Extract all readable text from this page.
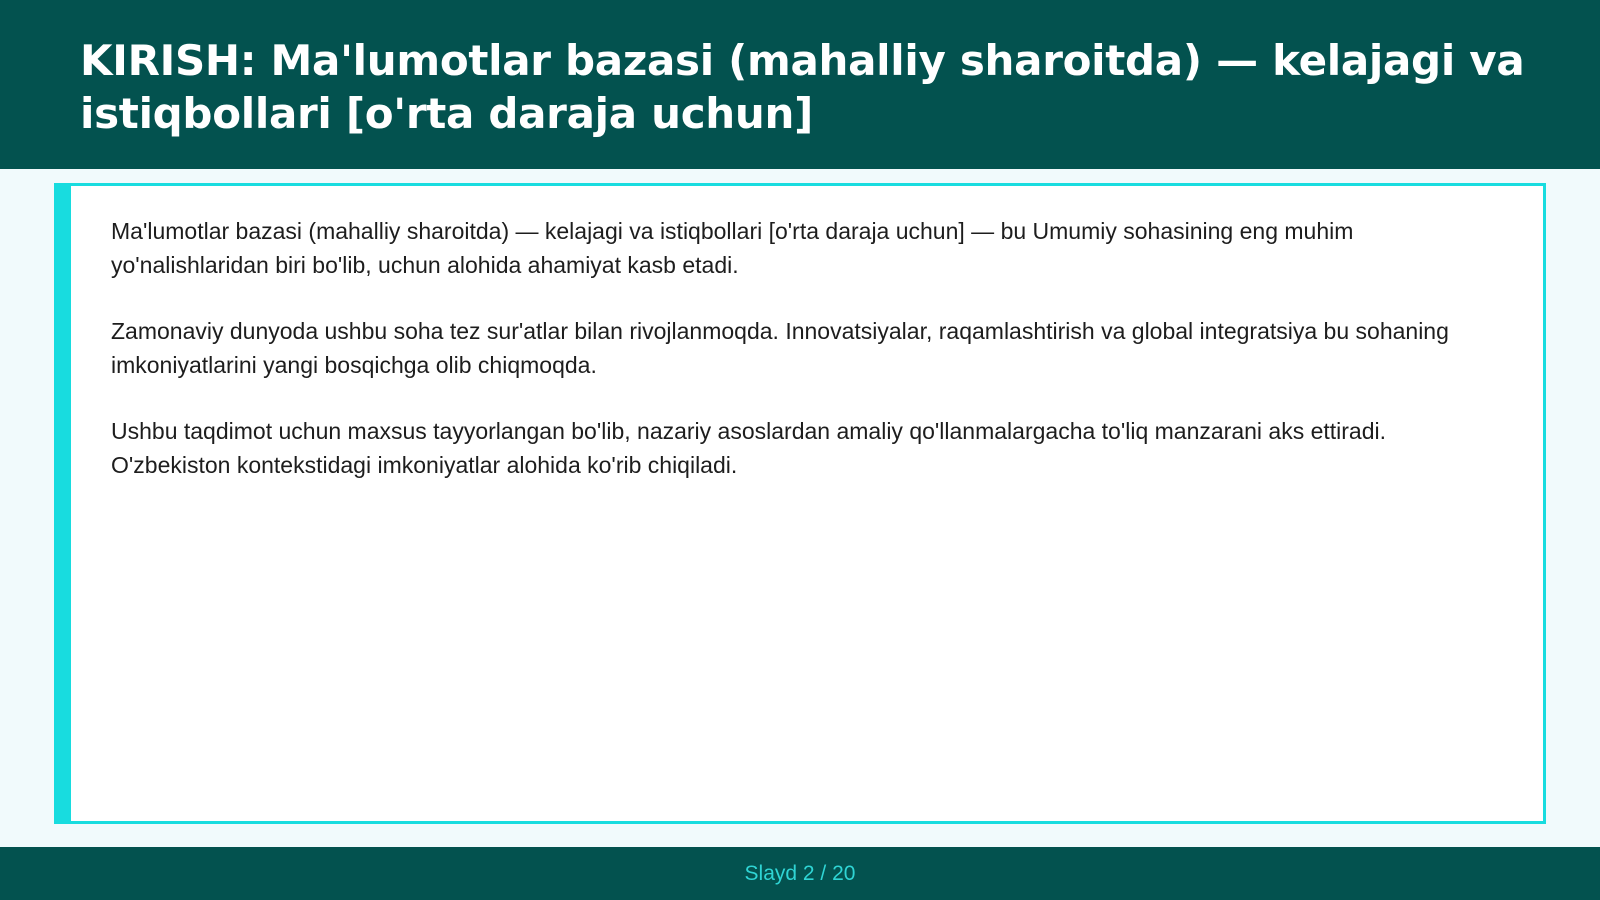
KIRISH: Ma'lumotlar bazasi (mahalliy sharoitda) — kelajagi va istiqbollari [o'rta daraja uchun]

Ma'lumotlar bazasi (mahalliy sharoitda) — kelajagi va istiqbollari [o'rta daraja uchun] — bu Umumiy sohasining eng muhim yo'nalishlaridan biri bo'lib, uchun alohida ahamiyat kasb etadi.

Zamonaviy dunyoda ushbu soha tez sur'atlar bilan rivojlanmoqda. Innovatsiyalar, raqamlashtirish va global integratsiya bu sohaning imkoniyatlarini yangi bosqichga olib chiqmoqda.

Ushbu taqdimot uchun maxsus tayyorlangan bo'lib, nazariy asoslardan amaliy qo'llanmalargacha to'liq manzarani aks ettiradi. O'zbekiston kontekstidagi imkoniyatlar alohida ko'rib chiqiladi.

Slayd 2 / 20
